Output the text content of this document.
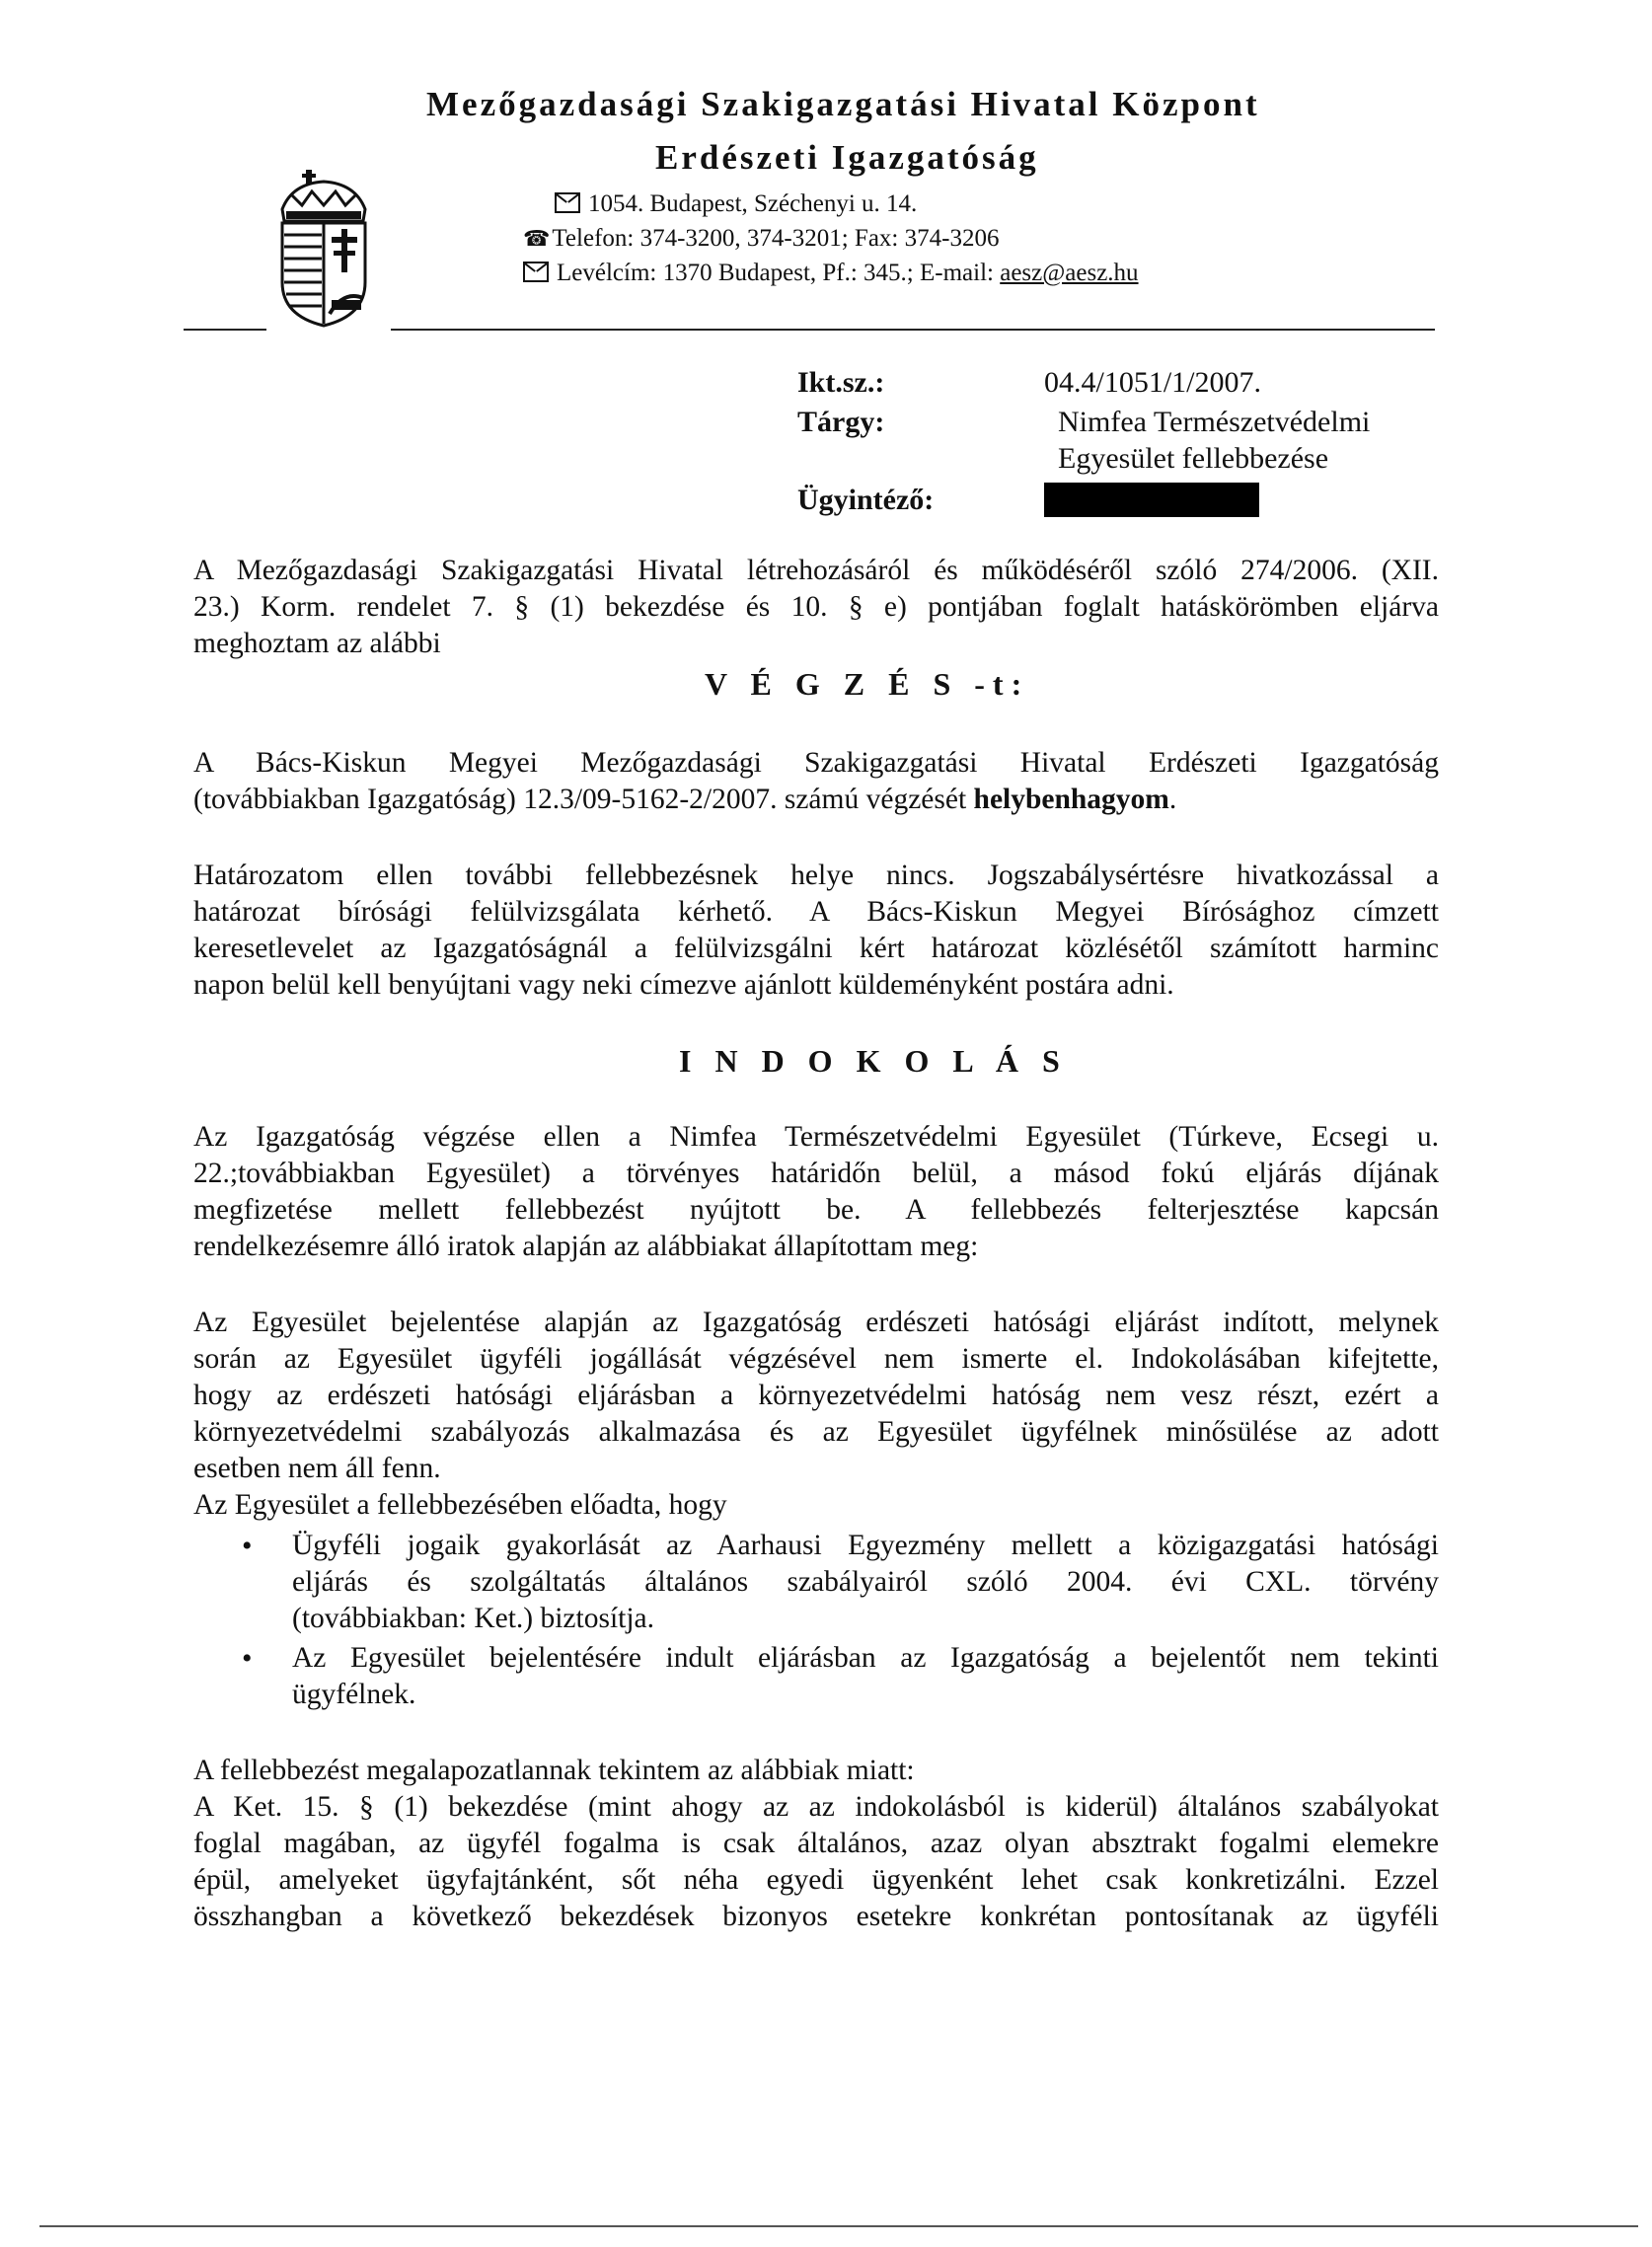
Mezőgazdasági Szakigazgatási Hivatal Központ
Erdészeti Igazgatóság
1054. Budapest, Széchenyi u. 14.
☎Telefon: 374-3200, 374-3201; Fax: 374-3206
Levélcím: 1370 Budapest, Pf.: 345.; E-mail: aesz@aesz.hu
Ikt.sz.:	04.4/1051/1/2007.
Tárgy:	Nimfea Természetvédelmi
Egyesület fellebbezése
Ügyintéző:
A Mezőgazdasági Szakigazgatási Hivatal létrehozásáról és működéséről szóló 274/2006. (XII.
23.) Korm. rendelet 7. § (1) bekezdése és 10. § e) pontjában foglalt hatáskörömben eljárva
meghoztam az alábbi
V É G Z É S -t:
A Bács-Kiskun Megyei Mezőgazdasági Szakigazgatási Hivatal Erdészeti Igazgatóság
(továbbiakban Igazgatóság) 12.3/09-5162-2/2007. számú végzését helybenhagyom.
Határozatom ellen további fellebbezésnek helye nincs. Jogszabálysértésre hivatkozással a
határozat bírósági felülvizsgálata kérhető. A Bács-Kiskun Megyei Bírósághoz címzett
keresetlevelet az Igazgatóságnál a felülvizsgálni kért határozat közlésétől számított harminc
napon belül kell benyújtani vagy neki címezve ajánlott küldeményként postára adni.
I N D O K O L Á S
Az Igazgatóság végzése ellen a Nimfea Természetvédelmi Egyesület (Túrkeve, Ecsegi u.
22.;továbbiakban Egyesület) a törvényes határidőn belül, a másod fokú eljárás díjának
megfizetése mellett fellebbezést nyújtott be. A fellebbezés felterjesztése kapcsán
rendelkezésemre álló iratok alapján az alábbiakat állapítottam meg:
Az Egyesület bejelentése alapján az Igazgatóság erdészeti hatósági eljárást indított, melynek
során az Egyesület ügyféli jogállását végzésével nem ismerte el. Indokolásában kifejtette,
hogy az erdészeti hatósági eljárásban a környezetvédelmi hatóság nem vesz részt, ezért a
környezetvédelmi szabályozás alkalmazása és az Egyesület ügyfélnek minősülése az adott
esetben nem áll fenn.
Az Egyesület a fellebbezésében előadta, hogy
• Ügyféli jogaik gyakorlását az Aarhausi Egyezmény mellett a közigazgatási hatósági
eljárás és szolgáltatás általános szabályairól szóló 2004. évi CXL. törvény
(továbbiakban: Ket.) biztosítja.
• Az Egyesület bejelentésére indult eljárásban az Igazgatóság a bejelentőt nem tekinti
ügyfélnek.
A fellebbezést megalapozatlannak tekintem az alábbiak miatt:
A Ket. 15. § (1) bekezdése (mint ahogy az az indokolásból is kiderül) általános szabályokat
foglal magában, az ügyfél fogalma is csak általános, azaz olyan absztrakt fogalmi elemekre
épül, amelyeket ügyfajtánként, sőt néha egyedi ügyenként lehet csak konkretizálni. Ezzel
összhangban a következő bekezdések bizonyos esetekre konkrétan pontosítanak az ügyféli
